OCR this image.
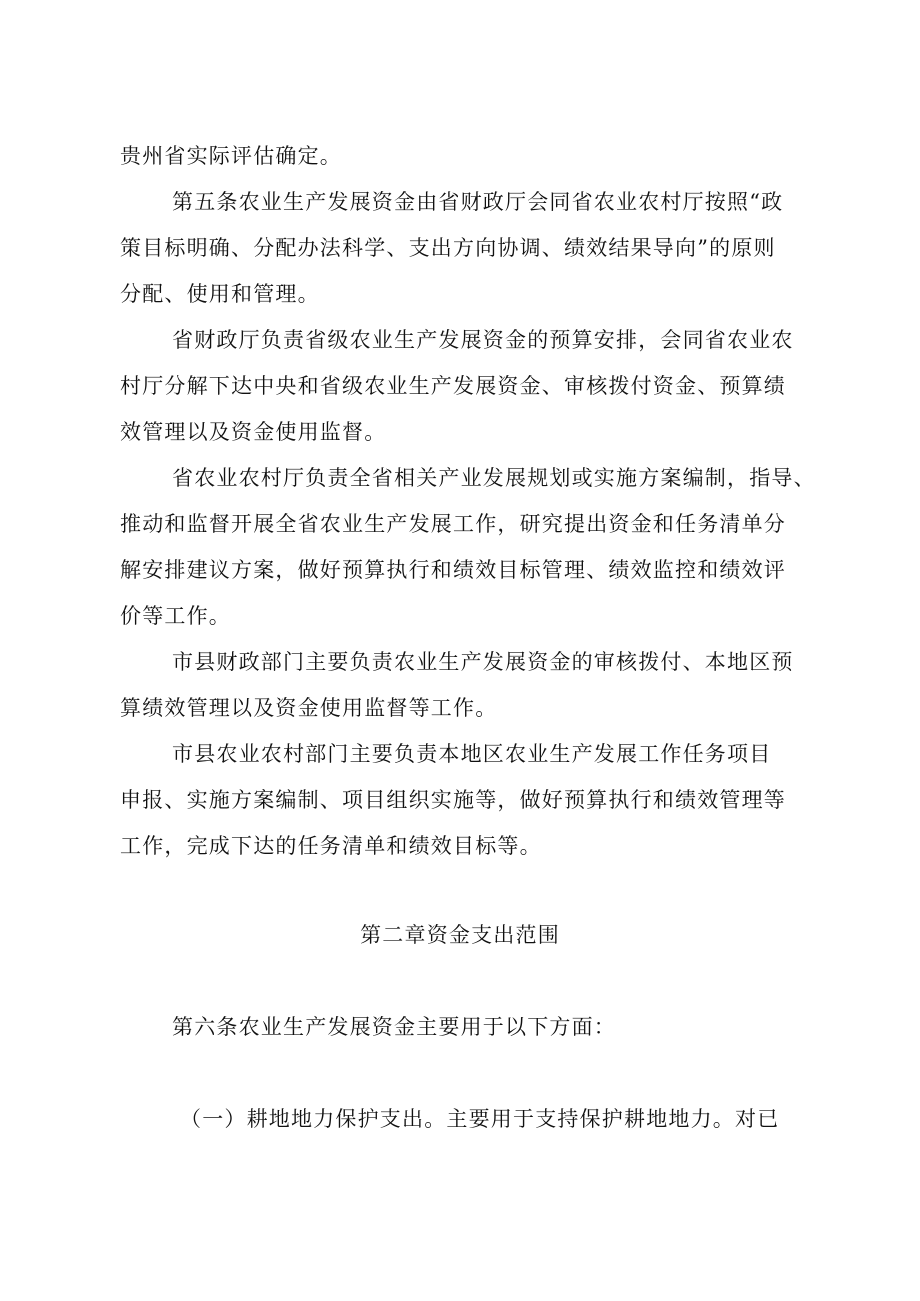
贵州省实际评估确定。
第五条农业生产发展资金由省财政厅会同省农业农村厅按照“政
策目标明确、分配办法科学、支出方向协调、绩效结果导向”的原则
分配、使用和管理。
省财政厅负责省级农业生产发展资金的预算安排，会同省农业农
村厅分解下达中央和省级农业生产发展资金、审核拨付资金、预算绩
效管理以及资金使用监督。
省农业农村厅负责全省相关产业发展规划或实施方案编制，指导、
推动和监督开展全省农业生产发展工作，研究提出资金和任务清单分
解安排建议方案，做好预算执行和绩效目标管理、绩效监控和绩效评
价等工作。
市县财政部门主要负责农业生产发展资金的审核拨付、本地区预
算绩效管理以及资金使用监督等工作。
市县农业农村部门主要负责本地区农业生产发展工作任务项目
申报、实施方案编制、项目组织实施等，做好预算执行和绩效管理等
工作，完成下达的任务清单和绩效目标等。
第二章资金支出范围
第六条农业生产发展资金主要用于以下方面：
（一）耕地地力保护支出。主要用于支持保护耕地地力。对已
